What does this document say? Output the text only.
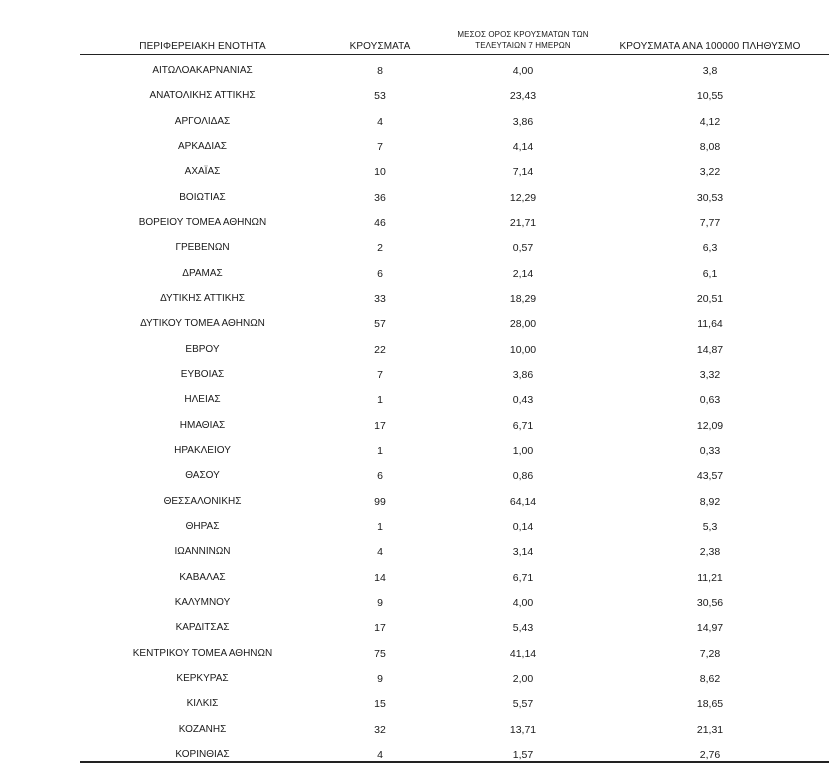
ΠΕΡΙΦΕΡΕΙΑΚΗ ΕΝΟΤΗΤΑ	ΚΡΟΥΣΜΑΤΑ
ΜΕΣΟΣ ΟΡΟΣ ΚΡΟΥΣΜΑΤΩΝ ΤΩΝ
ΤΕΛΕΥΤΑΙΩΝ 7 ΗΜΕΡΩΝ	ΚΡΟΥΣΜΑΤΑ ΑΝΑ 100000 ΠΛΗΘΥΣΜΟ
ΑΙΤΩΛΟΑΚΑΡΝΑΝΙΑΣ	8	4,00	3,8
ΑΝΑΤΟΛΙΚΗΣ ΑΤΤΙΚΗΣ	53	23,43	10,55
ΑΡΓΟΛΙΔΑΣ	4	3,86	4,12
ΑΡΚΑΔΙΑΣ	7	4,14	8,08
ΑΧΑΪΑΣ	10	7,14	3,22
ΒΟΙΩΤΙΑΣ	36	12,29	30,53
ΒΟΡΕΙΟΥ ΤΟΜΕΑ ΑΘΗΝΩΝ	46	21,71	7,77
ΓΡΕΒΕΝΩΝ	2	0,57	6,3
ΔΡΑΜΑΣ	6	2,14	6,1
ΔΥΤΙΚΗΣ ΑΤΤΙΚΗΣ	33	18,29	20,51
ΔΥΤΙΚΟΥ ΤΟΜΕΑ ΑΘΗΝΩΝ	57	28,00	11,64
ΕΒΡΟΥ	22	10,00	14,87
ΕΥΒΟΙΑΣ	7	3,86	3,32
ΗΛΕΙΑΣ	1	0,43	0,63
ΗΜΑΘΙΑΣ	17	6,71	12,09
ΗΡΑΚΛΕΙΟΥ	1	1,00	0,33
ΘΑΣΟΥ	6	0,86	43,57
ΘΕΣΣΑΛΟΝΙΚΗΣ	99	64,14	8,92
ΘΗΡΑΣ	1	0,14	5,3
ΙΩΑΝΝΙΝΩΝ	4	3,14	2,38
ΚΑΒΑΛΑΣ	14	6,71	11,21
ΚΑΛΥΜΝΟΥ	9	4,00	30,56
ΚΑΡΔΙΤΣΑΣ	17	5,43	14,97
ΚΕΝΤΡΙΚΟΥ ΤΟΜΕΑ ΑΘΗΝΩΝ	75	41,14	7,28
ΚΕΡΚΥΡΑΣ	9	2,00	8,62
ΚΙΛΚΙΣ	15	5,57	18,65
ΚΟΖΑΝΗΣ	32	13,71	21,31
ΚΟΡΙΝΘΙΑΣ	4	1,57	2,76
